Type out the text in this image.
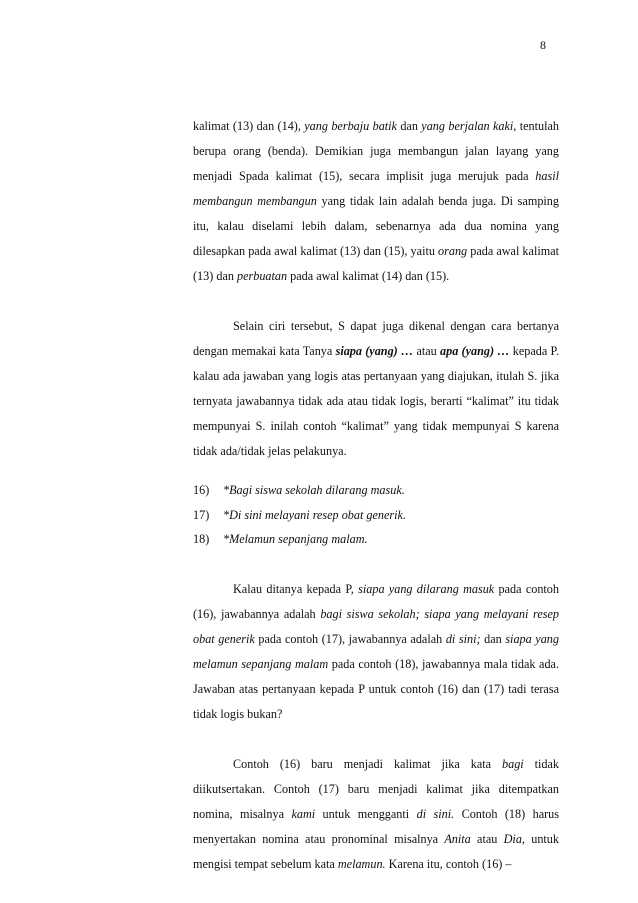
8

kalimat (13) dan (14), yang berbaju batik dan yang berjalan kaki, tentulah berupa orang (benda). Demikian juga membangun jalan layang yang menjadi Spada kalimat (15), secara implisit juga merujuk pada hasil membangun membangun yang tidak lain adalah benda juga. Di samping itu, kalau diselami lebih dalam, sebenarnya ada dua nomina yang dilesapkan pada awal kalimat (13) dan (15), yaitu orang pada awal kalimat (13) dan perbuatan pada awal kalimat (14) dan (15).

Selain ciri tersebut, S dapat juga dikenal dengan cara bertanya dengan memakai kata Tanya siapa (yang) … atau apa (yang) … kepada P. kalau ada jawaban yang logis atas pertanyaan yang diajukan, itulah S. jika ternyata jawabannya tidak ada atau tidak logis, berarti “kalimat” itu tidak mempunyai S. inilah contoh “kalimat” yang tidak mempunyai S karena tidak ada/tidak jelas pelakunya.

16)	*Bagi siswa sekolah dilarang masuk.
17)	*Di sini melayani resep obat generik.
18)	*Melamun sepanjang malam.

Kalau ditanya kepada P, siapa yang dilarang masuk pada contoh (16), jawabannya adalah bagi siswa sekolah; siapa yang melayani resep obat generik pada contoh (17), jawabannya adalah di sini; dan siapa yang melamun sepanjang malam pada contoh (18), jawabannya mala tidak ada. Jawaban atas pertanyaan kepada P untuk contoh (16) dan (17) tadi terasa tidak logis bukan?

Contoh (16) baru menjadi kalimat jika kata bagi tidak diikutsertakan. Contoh (17) baru menjadi kalimat jika ditempatkan nomina, misalnya kami untuk mengganti di sini. Contoh (18) harus menyertakan nomina atau pronominal misalnya Anita atau Dia, untuk mengisi tempat sebelum kata melamun. Karena itu, contoh (16) –
